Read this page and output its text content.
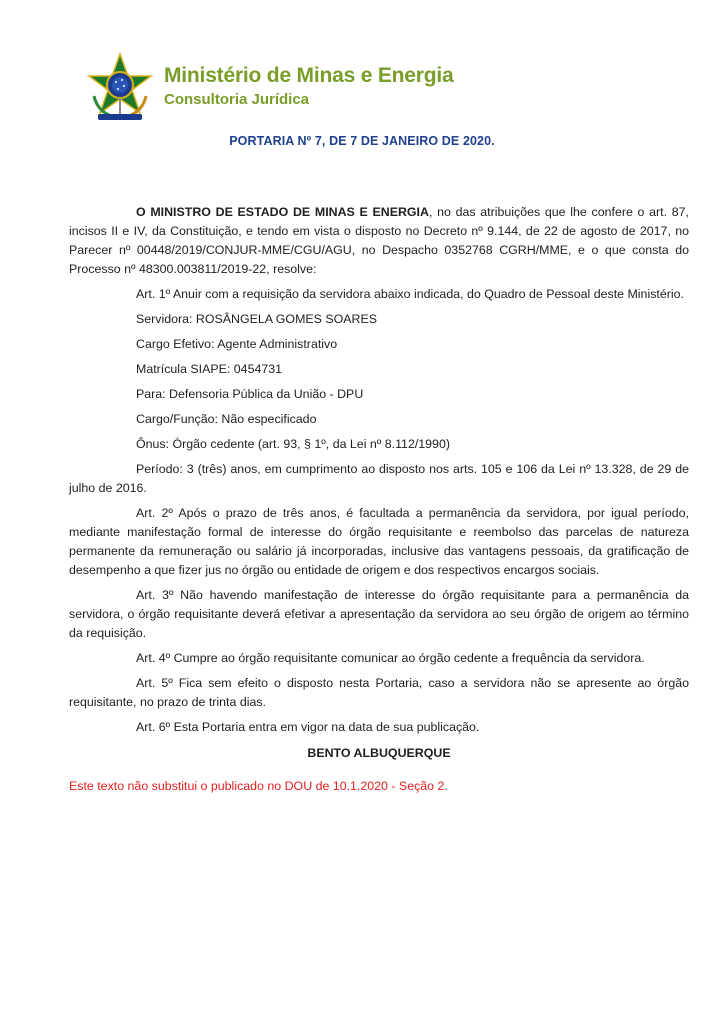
Ministério de Minas e Energia
Consultoria Jurídica
PORTARIA Nº 7, DE 7 DE JANEIRO DE 2020.

O MINISTRO DE ESTADO DE MINAS E ENERGIA, no das atribuições que lhe confere o art. 87, incisos II e IV, da Constituição, e tendo em vista o disposto no Decreto nº 9.144, de 22 de agosto de 2017, no Parecer nº 00448/2019/CONJUR-MME/CGU/AGU, no Despacho 0352768 CGRH/MME, e o que consta do Processo nº 48300.003811/2019-22, resolve:

Art. 1º Anuir com a requisição da servidora abaixo indicada, do Quadro de Pessoal deste Ministério.

Servidora: ROSÂNGELA GOMES SOARES

Cargo Efetivo: Agente Administrativo

Matrícula SIAPE: 0454731

Para: Defensoria Pública da União - DPU

Cargo/Função: Não especificado

Ônus: Órgão cedente (art. 93, § 1º, da Lei nº 8.112/1990)

Período: 3 (três) anos, em cumprimento ao disposto nos arts. 105 e 106 da Lei nº 13.328, de 29 de julho de 2016.

Art. 2º Após o prazo de três anos, é facultada a permanência da servidora, por igual período, mediante manifestação formal de interesse do órgão requisitante e reembolso das parcelas de natureza permanente da remuneração ou salário já incorporadas, inclusive das vantagens pessoais, da gratificação de desempenho a que fizer jus no órgão ou entidade de origem e dos respectivos encargos sociais.

Art. 3º Não havendo manifestação de interesse do órgão requisitante para a permanência da servidora, o órgão requisitante deverá efetivar a apresentação da servidora ao seu órgão de origem ao término da requisição.

Art. 4º Cumpre ao órgão requisitante comunicar ao órgão cedente a frequência da servidora.

Art. 5º Fica sem efeito o disposto nesta Portaria, caso a servidora não se apresente ao órgão requisitante, no prazo de trinta dias.

Art. 6º Esta Portaria entra em vigor na data de sua publicação.

BENTO ALBUQUERQUE

Este texto não substitui o publicado no DOU de 10.1.2020 - Seção 2.
